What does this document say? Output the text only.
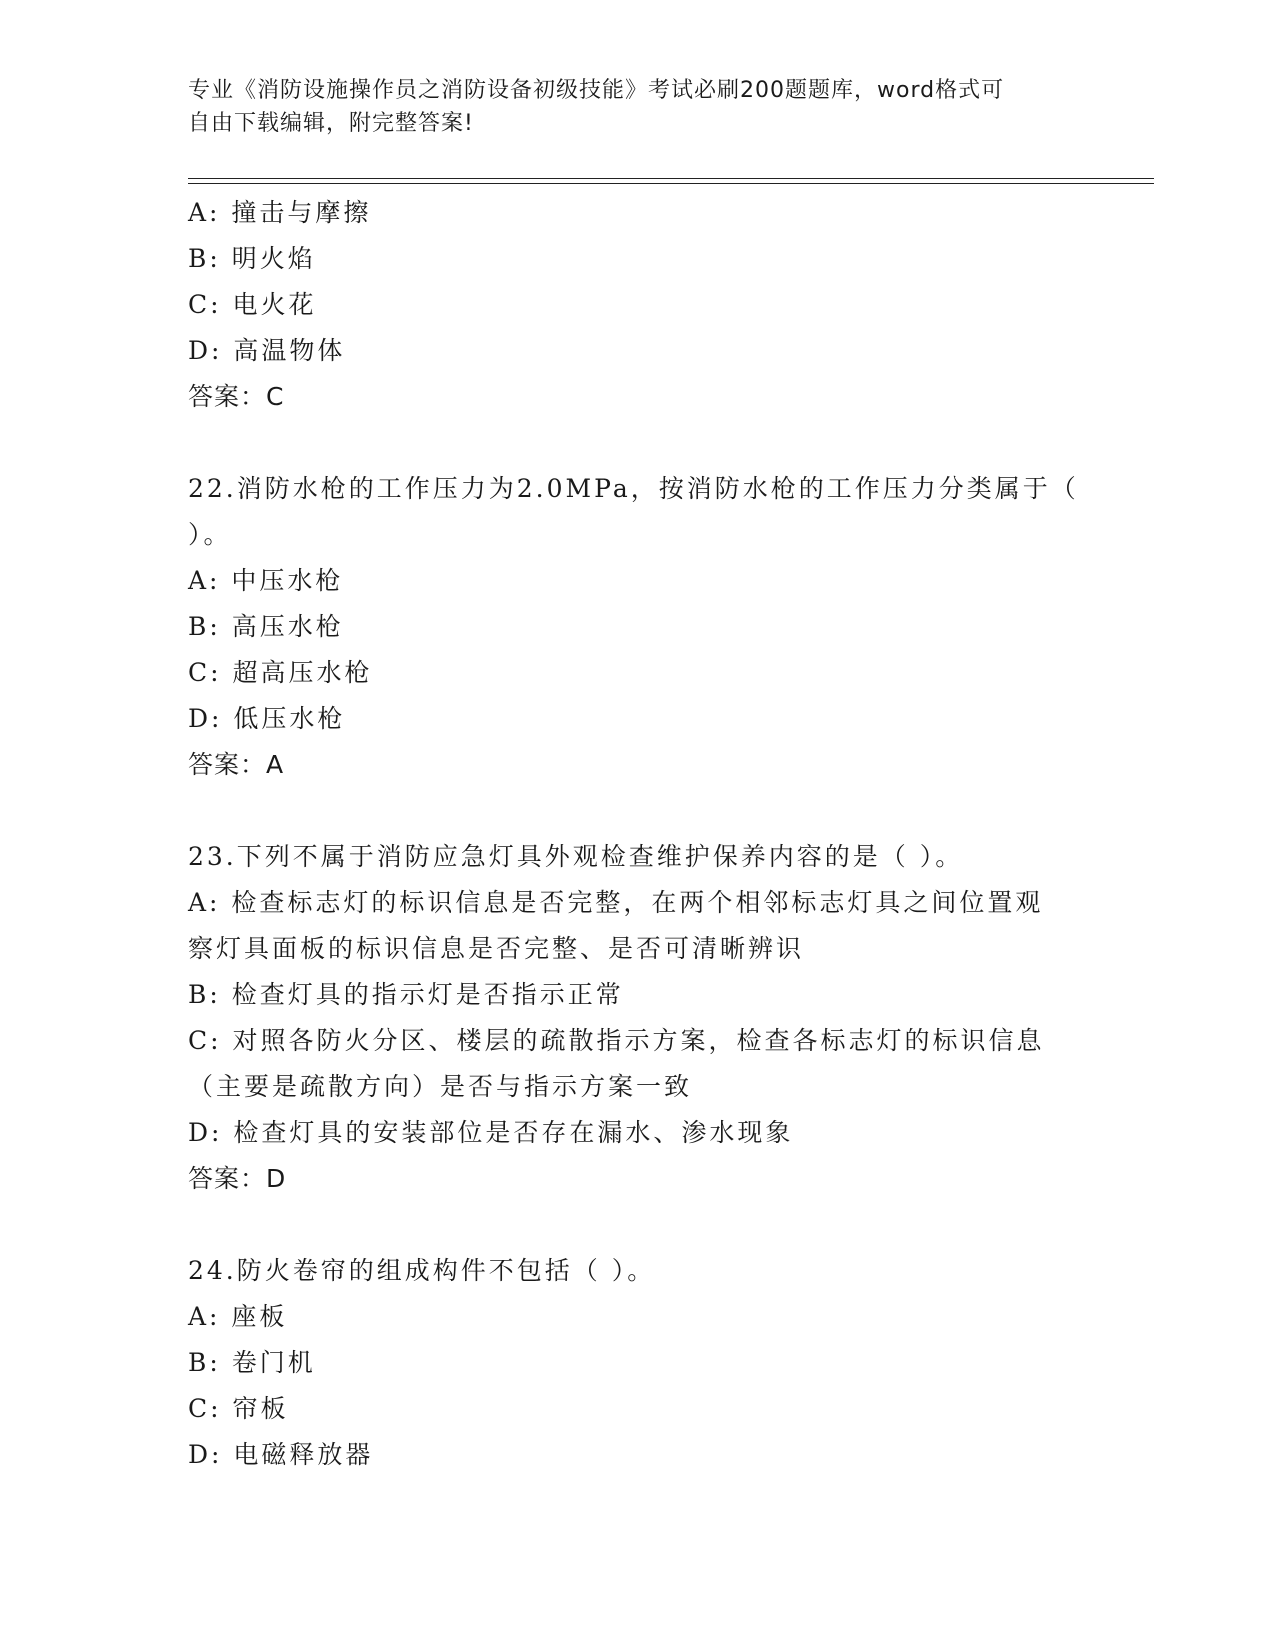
专业《消防设施操作员之消防设备初级技能》考试必刷200题题库，word格式可
自由下载编辑，附完整答案!
A: 撞击与摩擦
B: 明火焰
C: 电火花
D: 高温物体
答案：C
22.消防水枪的工作压力为2.0MPa，按消防水枪的工作压力分类属于（
）。
A: 中压水枪
B: 高压水枪
C: 超高压水枪
D: 低压水枪
答案：A
23.下列不属于消防应急灯具外观检查维护保养内容的是（ ）。
A: 检查标志灯的标识信息是否完整，在两个相邻标志灯具之间位置观
察灯具面板的标识信息是否完整、是否可清晰辨识
B: 检查灯具的指示灯是否指示正常
C: 对照各防火分区、楼层的疏散指示方案，检查各标志灯的标识信息
（主要是疏散方向）是否与指示方案一致
D: 检查灯具的安装部位是否存在漏水、渗水现象
答案：D
24.防火卷帘的组成构件不包括（ ）。
A: 座板
B: 卷门机
C: 帘板
D: 电磁释放器
